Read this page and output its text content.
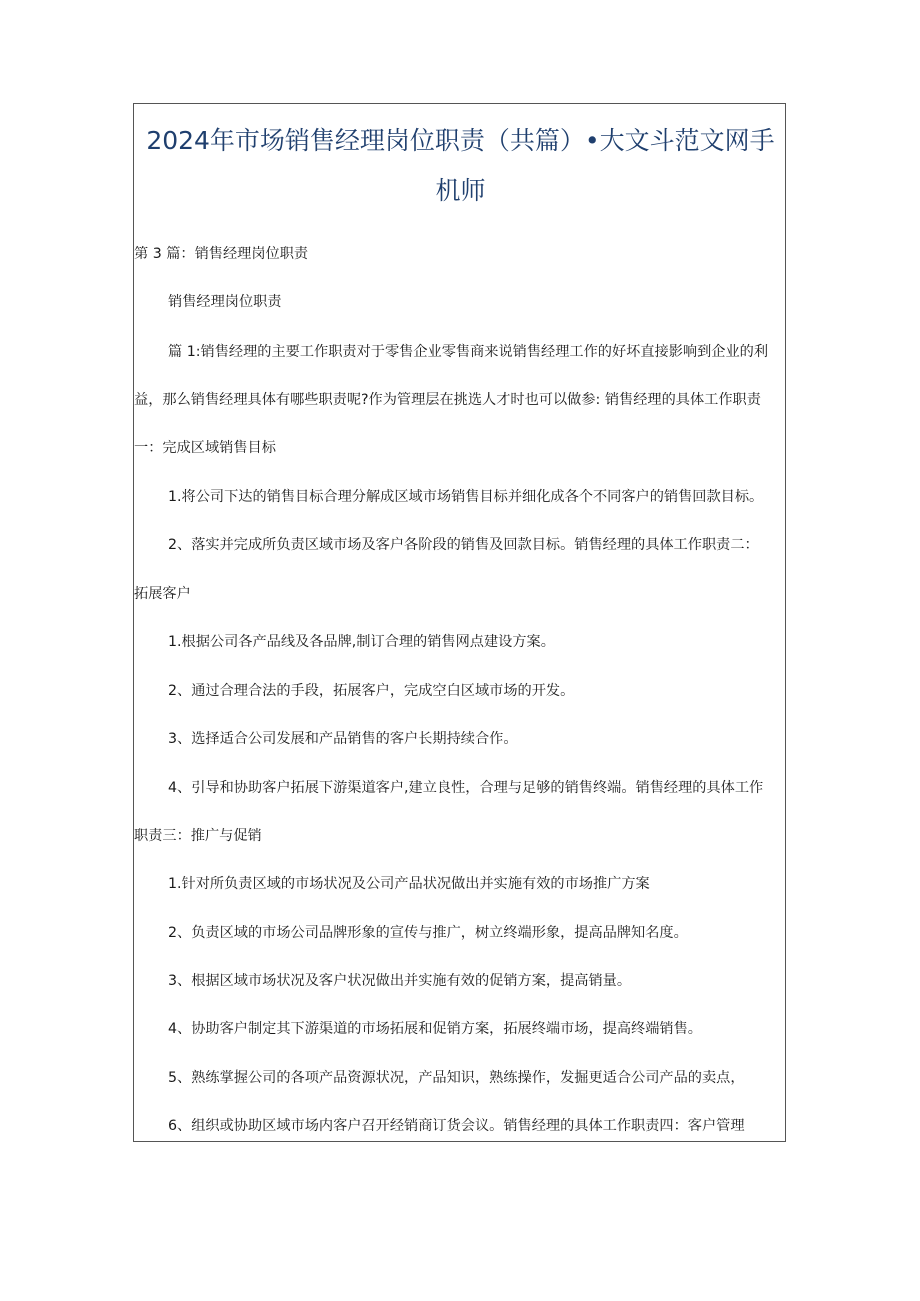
2024年市场销售经理岗位职责（共篇）•大文斗范文网手机师

第 3 篇：销售经理岗位职责

销售经理岗位职责

篇 1:销售经理的主要工作职责对于零售企业零售商来说销售经理工作的好坏直接影响到企业的利

益，那么销售经理具体有哪些职责呢?作为管理层在挑选人才时也可以做参: 销售经理的具体工作职责

一：完成区域销售目标

1.将公司下达的销售目标合理分解成区域市场销售目标并细化成各个不同客户的销售回款目标。

2、落实并完成所负责区域市场及客户各阶段的销售及回款目标。销售经理的具体工作职责二：

拓展客户

1.根据公司各产品线及各品牌,制订合理的销售网点建设方案。

2、通过合理合法的手段，拓展客户，完成空白区域市场的开发。

3、选择适合公司发展和产品销售的客户长期持续合作。

4、引导和协助客户拓展下游渠道客户,建立良性，合理与足够的销售终端。销售经理的具体工作

职责三：推广与促销

1.针对所负责区域的市场状况及公司产品状况做出并实施有效的市场推广方案

2、负责区域的市场公司品牌形象的宣传与推广，树立终端形象，提高品牌知名度。

3、根据区域市场状况及客户状况做出并实施有效的促销方案，提高销量。

4、协助客户制定其下游渠道的市场拓展和促销方案，拓展终端市场，提高终端销售。

5、熟练掌握公司的各项产品资源状况，产品知识，熟练操作，发掘更适合公司产品的卖点，

6、组织或协助区域市场内客户召开经销商订货会议。销售经理的具体工作职责四：客户管理
